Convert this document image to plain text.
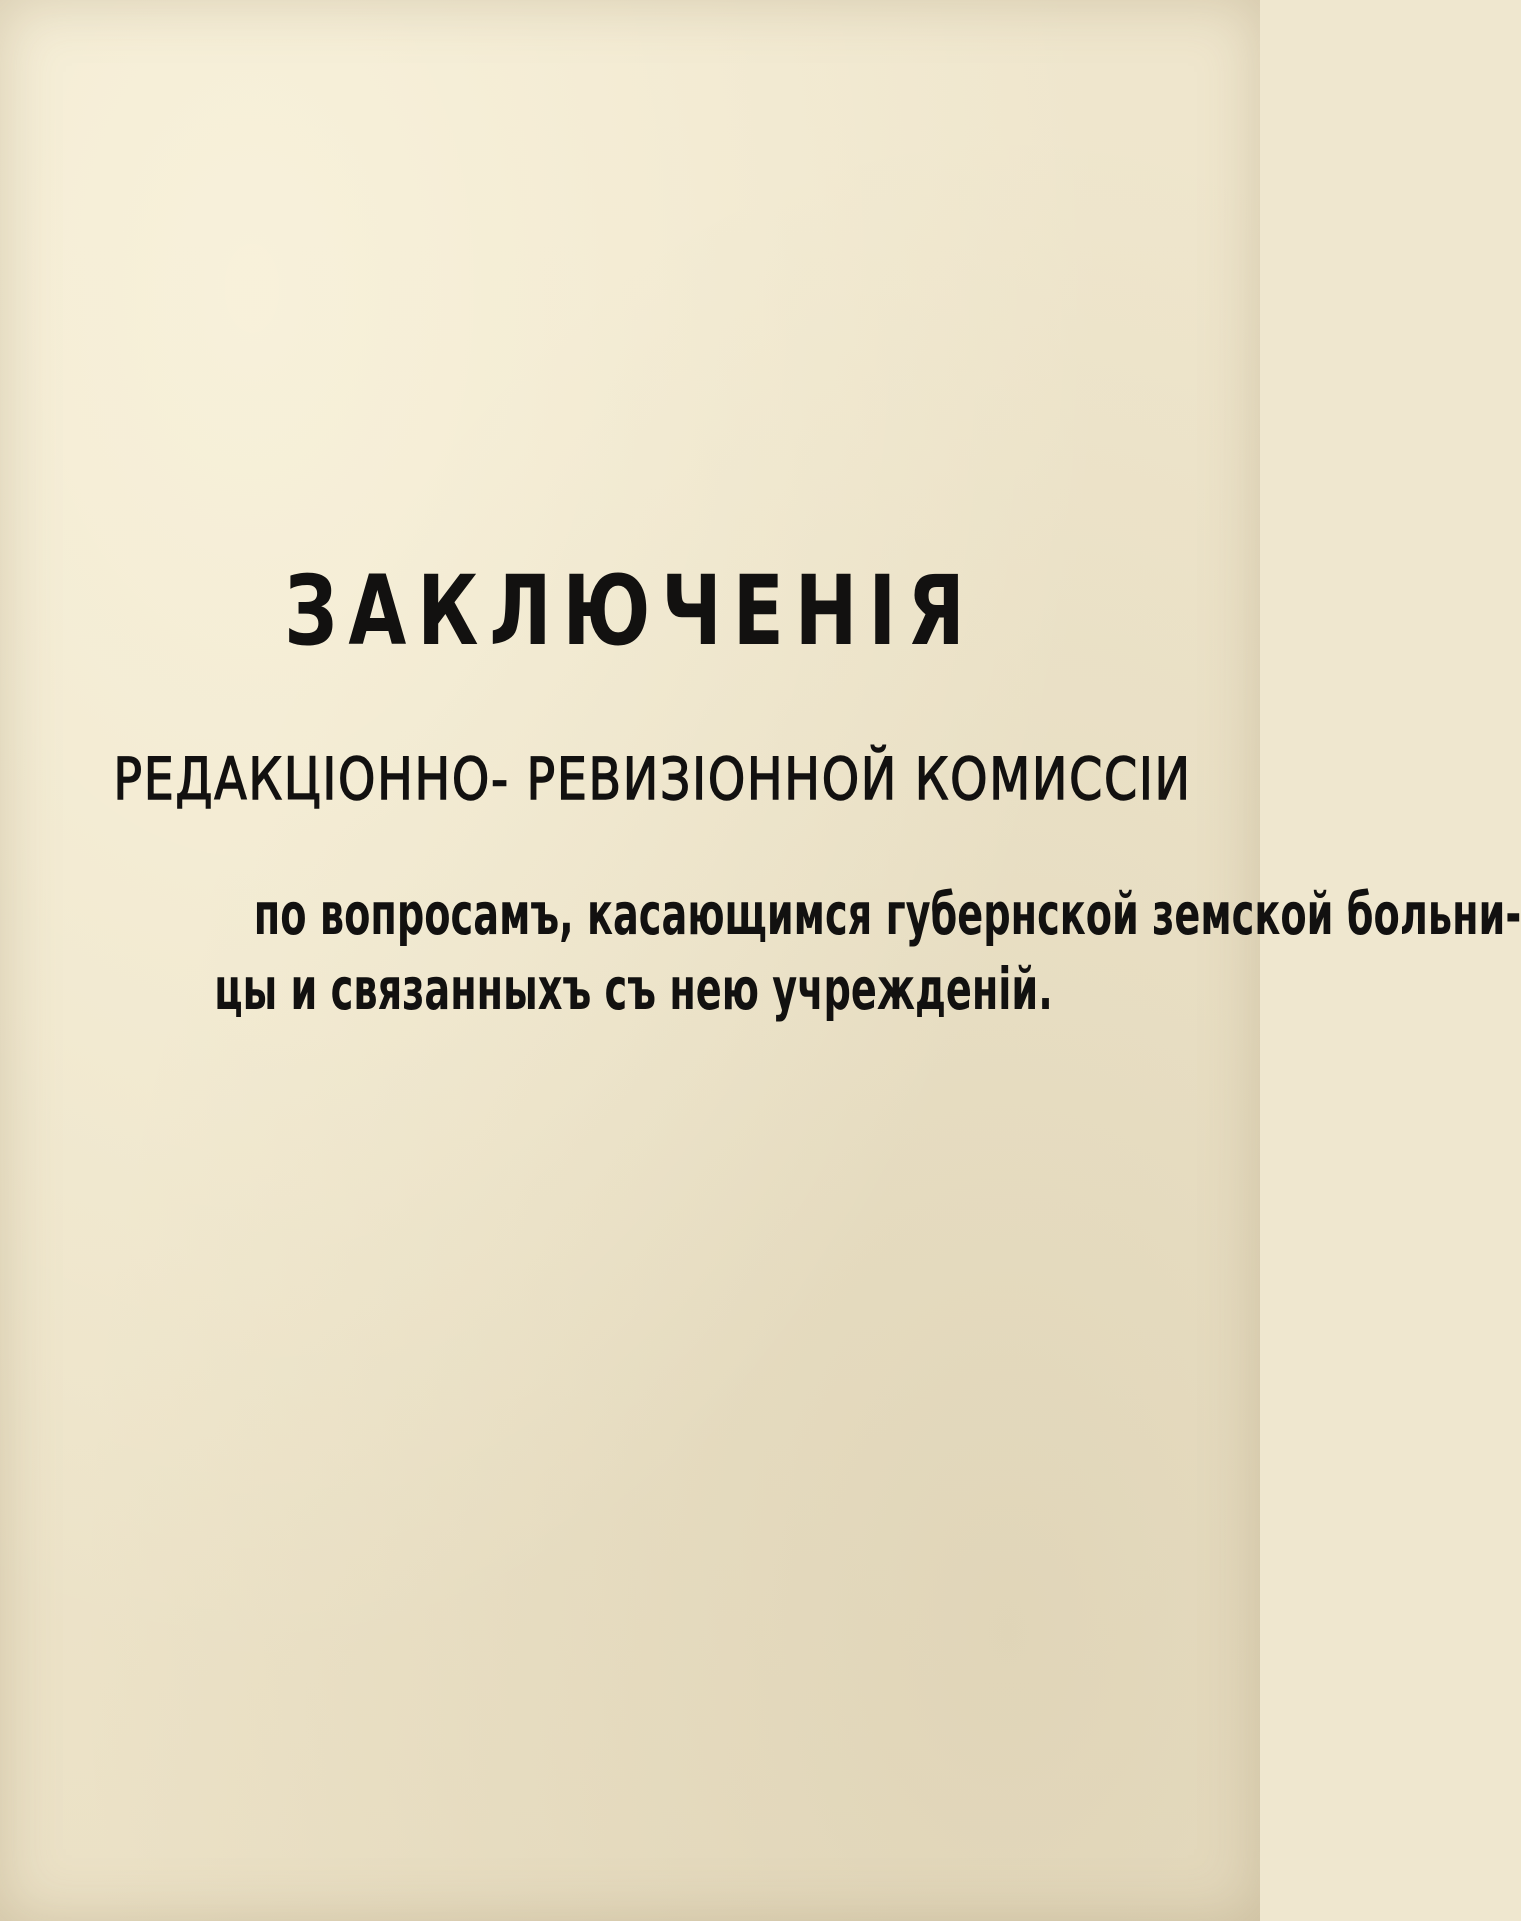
ЗАКЛЮЧЕНІЯ
РЕДАКЦІОННО- РЕВИЗІОННОЙ КОМИССІИ
по вопросамъ, касающимся губернской земской больни-
цы и связанныхъ съ нею учрежденій.
